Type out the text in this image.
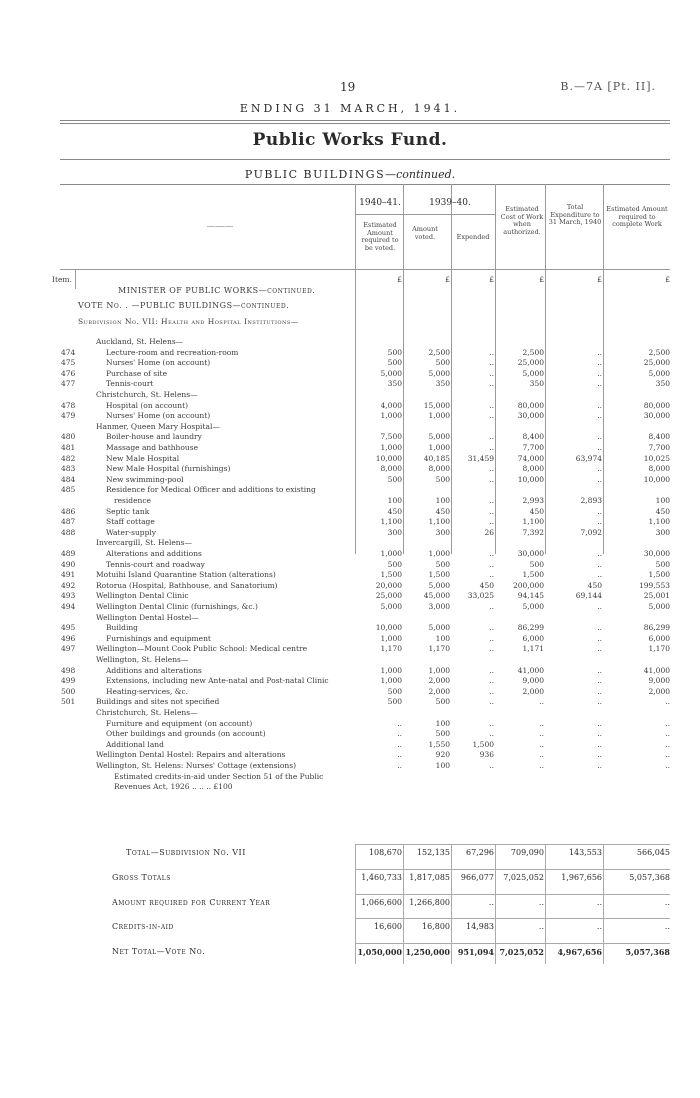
19	B.—7A [Pt. II].
ENDING 31 MARCH, 1941.
Public Works Fund.
PUBLIC BUILDINGS—continued.
1940–41.	1939–40.
———	Estimated Amount required to be voted.
Amount voted.	Expended
Estimated Cost of Work when authorized.
Total Expenditure to 31 March, 1940
Estimated Amount required to complete Work
Item.	£	£	£	£	£	£
MINISTER OF PUBLIC WORKS—continued.
VOTE No. . —PUBLIC BUILDINGS—continued.
Subdivision No. VII: Health and Hospital Institutions—
Auckland, St. Helens—
474	Lecture-room and recreation-room	500	2,500	..	2,500	..	2,500
475	Nurses' Home (on account)	500	500	..	25,000	..	25,000
476	Purchase of site	5,000	5,000	..	5,000	..	5,000
477	Tennis-court	350	350	..	350	..	350
Christchurch, St. Helens—
478	Hospital (on account)	4,000	15,000	..	80,000	..	80,000
479	Nurses' Home (on account)	1,000	1,000	..	30,000	..	30,000
Hanmer, Queen Mary Hospital—
480	Boiler-house and laundry	7,500	5,000	..	8,400	..	8,400
481	Massage and bathhouse	1,000	1,000	..	7,700	..	7,700
482	New Male Hospital	10,000	40,185	31,459	74,000	63,974	10,025
483	New Male Hospital (furnishings)	8,000	8,000	..	8,000	..	8,000
484	New swimming-pool	500	500	..	10,000	..	10,000
485	Residence for Medical Officer and additions to existing
residence	100	100	..	2,993	2,893	100
486	Septic tank	450	450	..	450	..	450
487	Staff cottage	1,100	1,100	..	1,100	..	1,100
488	Water-supply	300	300	26	7,392	7,092	300
Invercargill, St. Helens—
489	Alterations and additions	1,000	1,000	..	30,000	..	30,000
490	Tennis-court and roadway	500	500	..	500	..	500
491	Motuihi Island Quarantine Station (alterations)	1,500	1,500	..	1,500	..	1,500
492	Rotorua (Hospital, Bathhouse, and Sanatorium)	20,000	5,000	450	200,000	450	199,553
493	Wellington Dental Clinic	25,000	45,000	33,025	94,145	69,144	25,001
494	Wellington Dental Clinic (furnishings, &c.)	5,000	3,000	..	5,000	..	5,000
Wellington Dental Hostel—
495	Building	10,000	5,000	..	86,299	..	86,299
496	Furnishings and equipment	1,000	100	..	6,000	..	6,000
497	Wellington—Mount Cook Public School: Medical centre	1,170	1,170	..	1,171	..	1,170
Wellington, St. Helens—
498	Additions and alterations	1,000	1,000	..	41,000	..	41,000
499	Extensions, including new Ante-natal and Post-natal Clinic	1,000	2,000	..	9,000	..	9,000
500	Heating-services, &c.	500	2,000	..	2,000	..	2,000
501	Buildings and sites not specified	500	500	..	..	..	..
Christchurch, St. Helens—
Furniture and equipment (on account)	..	100	..	..	..	..
Other buildings and grounds (on account)	..	500	..	..	..	..
Additional land	..	1,550	1,500	..	..	..
Wellington Dental Hostel: Repairs and alterations	..	920	936	..	..	..
Wellington, St. Helens: Nurses' Cottage (extensions)	..	100	..	..	..	..
Estimated credits-in-aid under Section 51 of the Public
Revenues Act, 1926 .. .. .. £100
Total—Subdivision No. VII	108,670	152,135	67,296	709,090	143,553	566,045
Gross Totals	1,460,733 1,817,085	966,077	7,025,052	1,967,656	5,057,368
Amount required for Current Year	1,066,600 1,266,800	..	..	..	..
Credits-in-aid	16,600	16,800	14,983	..	..	..
Net Total—Vote No.	1,050,000 1,250,000 951,094 7,025,052	4,967,656	5,057,368
